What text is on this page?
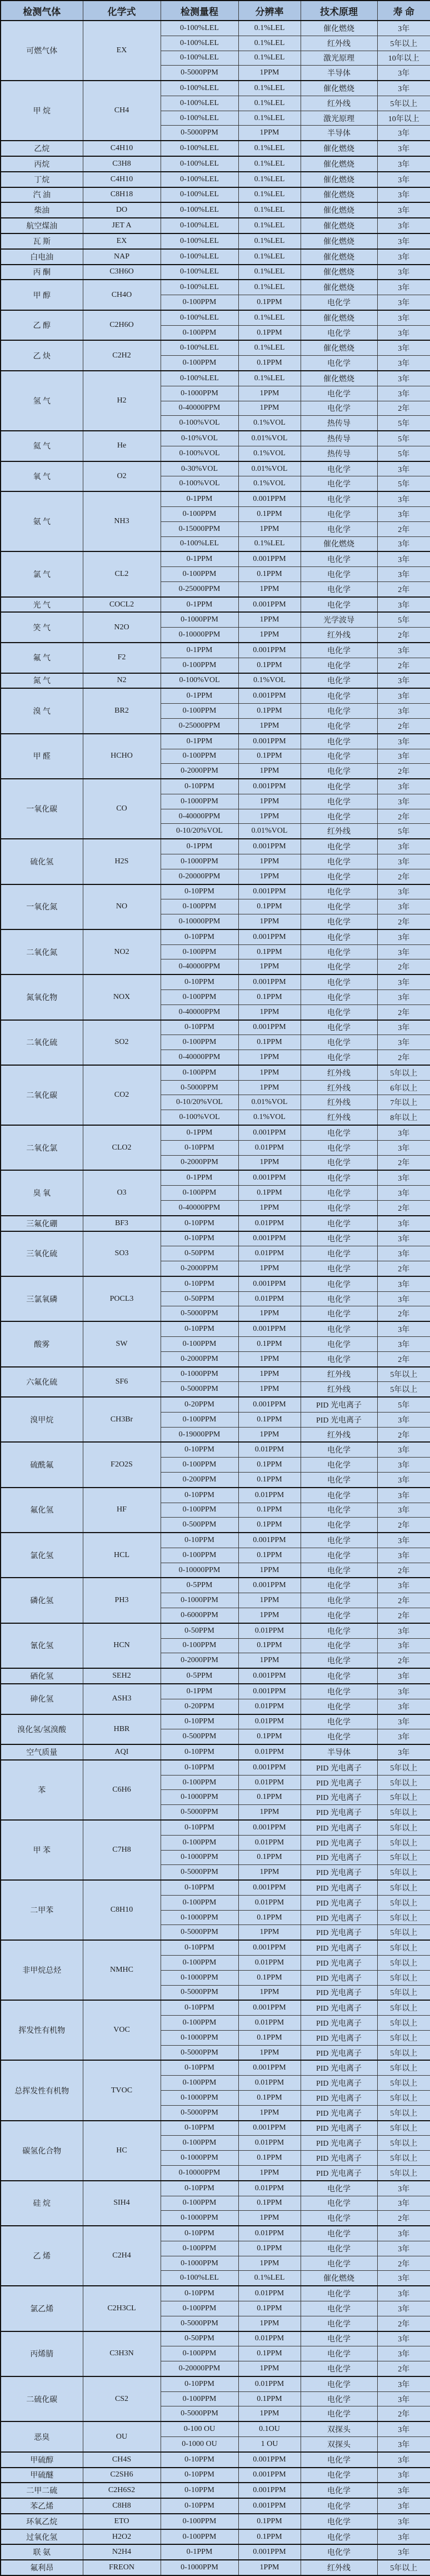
检测气体	化学式	检测量程	分辨率	技术原理	寿 命
可燃气体	EX	0-100%LEL	0.1%LEL	催化燃烧	3年
		0-100%LEL	0.1%LEL	红外线	5年以上
		0-100%LEL	0.1%LEL	激光原理	10年以上
		0-5000PPM	1PPM	半导体	3年
甲 烷	CH4	0-100%LEL	0.1%LEL	催化燃烧	3年
		0-100%LEL	0.1%LEL	红外线	5年以上
		0-100%LEL	0.1%LEL	激光原理	10年以上
		0-5000PPM	1PPM	半导体	3年
乙烷	C4H10	0-100%LEL	0.1%LEL	催化燃烧	3年
丙烷	C3H8	0-100%LEL	0.1%LEL	催化燃烧	3年
丁烷	C4H10	0-100%LEL	0.1%LEL	催化燃烧	3年
汽 油	C8H18	0-100%LEL	0.1%LEL	催化燃烧	3年
柴油	DO	0-100%LEL	0.1%LEL	催化燃烧	3年
航空煤油	JET A	0-100%LEL	0.1%LEL	催化燃烧	3年
瓦 斯	EX	0-100%LEL	0.1%LEL	催化燃烧	3年
白电油	NAP	0-100%LEL	0.1%LEL	催化燃烧	3年
丙 酮	C3H6O	0-100%LEL	0.1%LEL	催化燃烧	3年
甲 醇	CH4O	0-100%LEL	0.1%LEL	催化燃烧	3年
		0-100PPM	0.1PPM	电化学	3年
乙 醇	C2H6O	0-100%LEL	0.1%LEL	催化燃烧	3年
		0-100PPM	0.1PPM	电化学	3年
乙 炔	C2H2	0-100%LEL	0.1%LEL	催化燃烧	3年
		0-100PPM	0.1PPM	电化学	3年
氢 气	H2	0-100%LEL	0.1%LEL	催化燃烧	3年
		0-1000PPM	1PPM	电化学	3年
		0-40000PPM	1PPM	电化学	2年
		0-100%VOL	0.1%VOL	热传导	5年
氦 气	He	0-10%VOL	0.01%VOL	热传导	5年
		0-100%VOL	0.1%VOL	热传导	5年
氧 气	O2	0-30%VOL	0.01%VOL	电化学	3年
		0-100%VOL	0.1%VOL	电化学	5年
氨 气	NH3	0-1PPM	0.001PPM	电化学	3年
		0-100PPM	0.1PPM	电化学	3年
		0-15000PPM	1PPM	电化学	2年
		0-100%LEL	0.1%LEL	催化燃烧	3年
氯 气	CL2	0-1PPM	0.001PPM	电化学	3年
		0-100PPM	0.1PPM	电化学	3年
		0-25000PPM	1PPM	电化学	2年
光 气	COCL2	0-1PPM	0.001PPM	电化学	3年
笑 气	N2O	0-1000PPM	1PPM	光学波导	5年
		0-10000PPM	1PPM	红外线	2年
氟 气	F2	0-1PPM	0.001PPM	电化学	3年
		0-100PPM	0.1PPM	电化学	2年
氮 气	N2	0-100%VOL	0.1%VOL	电化学	3年
溴 气	BR2	0-1PPM	0.001PPM	电化学	3年
		0-100PPM	0.1PPM	电化学	3年
		0-25000PPM	1PPM	电化学	2年
甲 醛	HCHO	0-1PPM	0.001PPM	电化学	3年
		0-100PPM	0.1PPM	电化学	3年
		0-2000PPM	1PPM	电化学	2年
一氧化碳	CO	0-10PPM	0.001PPM	电化学	3年
		0-1000PPM	1PPM	电化学	3年
		0-40000PPM	1PPM	电化学	2年
		0-10/20%VOL	0.01%VOL	红外线	5年
硫化氢	H2S	0-1PPM	0.001PPM	电化学	3年
		0-1000PPM	1PPM	电化学	3年
		0-20000PPM	1PPM	电化学	2年
一氧化氮	NO	0-10PPM	0.001PPM	电化学	3年
		0-100PPM	0.1PPM	电化学	3年
		0-10000PPM	1PPM	电化学	2年
二氧化氮	NO2	0-10PPM	0.001PPM	电化学	3年
		0-100PPM	0.1PPM	电化学	3年
		0-40000PPM	1PPM	电化学	2年
氮氧化物	NOX	0-10PPM	0.001PPM	电化学	3年
		0-100PPM	0.1PPM	电化学	3年
		0-40000PPM	1PPM	电化学	2年
二氧化硫	SO2	0-10PPM	0.001PPM	电化学	3年
		0-100PPM	0.1PPM	电化学	3年
		0-40000PPM	1PPM	电化学	2年
二氧化碳	CO2	0-100PPM	1PPM	红外线	5年以上
		0-5000PPM	1PPM	红外线	6年以上
		0-10/20%VOL	0.01%VOL	红外线	7年以上
		0-100%VOL	0.1%VOL	红外线	8年以上
二氧化氯	CLO2	0-1PPM	0.001PPM	电化学	3年
		0-10PPM	0.01PPM	电化学	3年
		0-2000PPM	1PPM	电化学	2年
臭 氧	O3	0-1PPM	0.001PPM	电化学	3年
		0-100PPM	0.1PPM	电化学	3年
		0-40000PPM	1PPM	电化学	2年
三氟化硼	BF3	0-10PPM	0.01PPM	电化学	3年
三氧化硫	SO3	0-10PPM	0.001PPM	电化学	3年
		0-50PPM	0.01PPM	电化学	3年
		0-2000PPM	1PPM	电化学	2年
三氯氧磷	POCL3	0-10PPM	0.001PPM	电化学	3年
		0-50PPM	0.01PPM	电化学	3年
		0-5000PPM	1PPM	电化学	2年
酸雾	SW	0-10PPM	0.001PPM	电化学	3年
		0-100PPM	0.1PPM	电化学	3年
		0-2000PPM	1PPM	电化学	2年
六氟化硫	SF6	0-1000PPM	1PPM	红外线	5年以上
		0-5000PPM	1PPM	红外线	5年以上
溴甲烷	CH3Br	0-20PPM	0.001PPM	PID 光电离子	5年
		0-100PPM	0.1PPM	PID 光电离子	3年
		0-19000PPM	1PPM	红外线	2年
硫酰氟	F2O2S	0-10PPM	0.01PPM	电化学	3年
		0-100PPM	0.1PPM	电化学	3年
		0-200PPM	0.1PPM	电化学	3年
氟化氢	HF	0-10PPM	0.01PPM	电化学	3年
		0-100PPM	0.1PPM	电化学	3年
		0-500PPM	0.1PPM	电化学	2年
氯化氢	HCL	0-10PPM	0.001PPM	电化学	3年
		0-100PPM	0.1PPM	电化学	3年
		0-10000PPM	1PPM	电化学	2年
磷化氢	PH3	0-5PPM	0.001PPM	电化学	3年
		0-1000PPM	1PPM	电化学	2年
		0-6000PPM	1PPM	电化学	2年
氰化氢	HCN	0-50PPM	0.01PPM	电化学	3年
		0-100PPM	0.1PPM	电化学	3年
		0-2000PPM	1PPM	电化学	2年
硒化氢	SEH2	0-5PPM	0.001PPM	电化学	3年
砷化氢	ASH3	0-1PPM	0.001PPM	电化学	3年
		0-20PPM	0.01PPM	电化学	3年
溴化氢/氢溴酸	HBR	0-10PPM	0.01PPM	电化学	3年
		0-500PPM	0.1PPM	电化学	3年
空气质量	AQI	0-10PPM	0.01PPM	半导体	3年
苯	C6H6	0-10PPM	0.001PPM	PID 光电离子	5年以上
		0-100PPM	0.01PPM	PID 光电离子	5年以上
		0-1000PPM	0.1PPM	PID 光电离子	5年以上
		0-5000PPM	1PPM	PID 光电离子	5年以上
甲 苯	C7H8	0-10PPM	0.001PPM	PID 光电离子	5年以上
		0-100PPM	0.01PPM	PID 光电离子	5年以上
		0-1000PPM	0.1PPM	PID 光电离子	5年以上
		0-5000PPM	1PPM	PID 光电离子	5年以上
二甲苯	C8H10	0-10PPM	0.001PPM	PID 光电离子	5年以上
		0-100PPM	0.01PPM	PID 光电离子	5年以上
		0-1000PPM	0.1PPM	PID 光电离子	5年以上
		0-5000PPM	1PPM	PID 光电离子	5年以上
非甲烷总烃	NMHC	0-10PPM	0.001PPM	PID 光电离子	5年以上
		0-100PPM	0.01PPM	PID 光电离子	5年以上
		0-1000PPM	0.1PPM	PID 光电离子	5年以上
		0-5000PPM	1PPM	PID 光电离子	5年以上
挥发性有机物	VOC	0-10PPM	0.001PPM	PID 光电离子	5年以上
		0-100PPM	0.01PPM	PID 光电离子	5年以上
		0-1000PPM	0.1PPM	PID 光电离子	5年以上
		0-5000PPM	1PPM	PID 光电离子	5年以上
总挥发性有机物	TVOC	0-10PPM	0.001PPM	PID 光电离子	5年以上
		0-100PPM	0.01PPM	PID 光电离子	5年以上
		0-1000PPM	0.1PPM	PID 光电离子	5年以上
		0-5000PPM	1PPM	PID 光电离子	5年以上
碳氢化合物	HC	0-10PPM	0.001PPM	PID 光电离子	5年以上
		0-100PPM	0.01PPM	PID 光电离子	5年以上
		0-1000PPM	0.1PPM	PID 光电离子	5年以上
		0-10000PPM	1PPM	PID 光电离子	5年以上
硅 烷	SIH4	0-10PPM	0.01PPM	电化学	3年
		0-100PPM	0.1PPM	电化学	3年
		0-1000PPM	1PPM	电化学	2年
乙 烯	C2H4	0-10PPM	0.01PPM	电化学	3年
		0-100PPM	0.1PPM	电化学	3年
		0-1000PPM	1PPM	电化学	2年
		0-100%LEL	0.1%LEL	催化燃烧	3年
氯乙烯	C2H3CL	0-10PPM	0.01PPM	电化学	3年
		0-100PPM	0.1PPM	电化学	3年
		0-5000PPM	1PPM	电化学	2年
丙烯腈	C3H3N	0-50PPM	0.01PPM	电化学	3年
		0-100PPM	0.1PPM	电化学	3年
		0-20000PPM	1PPM	电化学	2年
二硫化碳	CS2	0-10PPM	0.01PPM	电化学	3年
		0-100PPM	0.1PPM	电化学	3年
		0-5000PPM	1PPM	电化学	2年
恶臭	OU	0-100 OU	0.1OU	双探头	3年
		0-1000 OU	1 OU	双探头	3年
甲硫醇	CH4S	0-10PPM	0.001PPM	电化学	3年
甲硫醚	C2SH6	0-10PPM	0.001PPM	电化学	3年
二甲二硫	C2H6S2	0-10PPM	0.001PPM	电化学	3年
苯乙烯	C8H8	0-10PPM	0.001PPM	电化学	3年
环氧乙烷	ETO	0-100PPM	0.1PPM	电化学	3年
过氧化氢	H2O2	0-100PPM	0.1PPM	电化学	3年
联 氨	N2H4	0-1PPM	0.001PPM	电化学	3年
氟利昂	FREON	0-1000PPM	1PPM	红外线	5年以上
